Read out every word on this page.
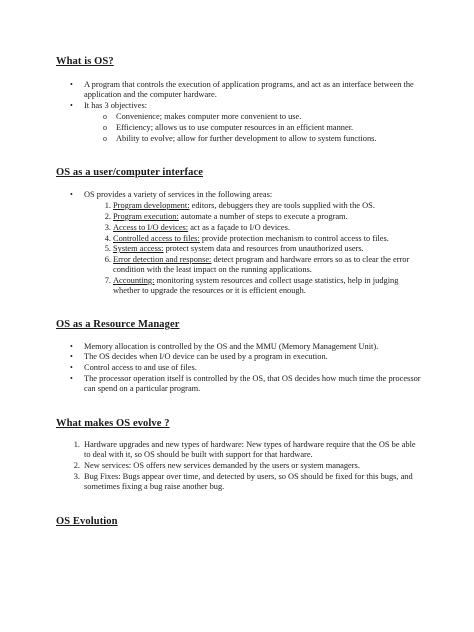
What is OS?
• A program that controls the execution of application programs, and act as an interface between the application and the computer hardware.
• It has 3 objectives:
o Convenience; makes computer more convenient to use.
o Efficiency; allows us to use computer resources in an efficient manner.
o Ability to evolve; allow for further development to allow to system functions.
OS as a user/computer interface
• OS provides a variety of services in the following areas:
1. Program development: editors, debuggers they are tools supplied with the OS.
2. Program execution: automate a number of steps to execute a program.
3. Access to I/O devices: act as a façade to I/O devices.
4. Controlled access to files: provide protection mechanism to control access to files.
5. System access: protect system data and resources from unauthorized users.
6. Error detection and response: detect program and hardware errors so as to clear the error condition with the least impact on the running applications.
7. Accounting: monitoring system resources and collect usage statistics, help in judging whether to upgrade the resources or it is efficient enough.
OS as a Resource Manager
• Memory allocation is controlled by the OS and the MMU (Memory Management Unit).
• The OS decides when I/O device can be used by a program in execution.
• Control access to and use of files.
• The processor operation itself is controlled by the OS, that OS decides how much time the processor can spend on a particular program.
What makes OS evolve ?
1. Hardware upgrades and new types of hardware: New types of hardware require that the OS be able to deal with it, so OS should be built with support for that hardware.
2. New services: OS offers new services demanded by the users or system managers.
3. Bug Fixes: Bugs appear over time, and detected by users, so OS should be fixed for this bugs, and sometimes fixing a bug raise another bug.
OS Evolution
